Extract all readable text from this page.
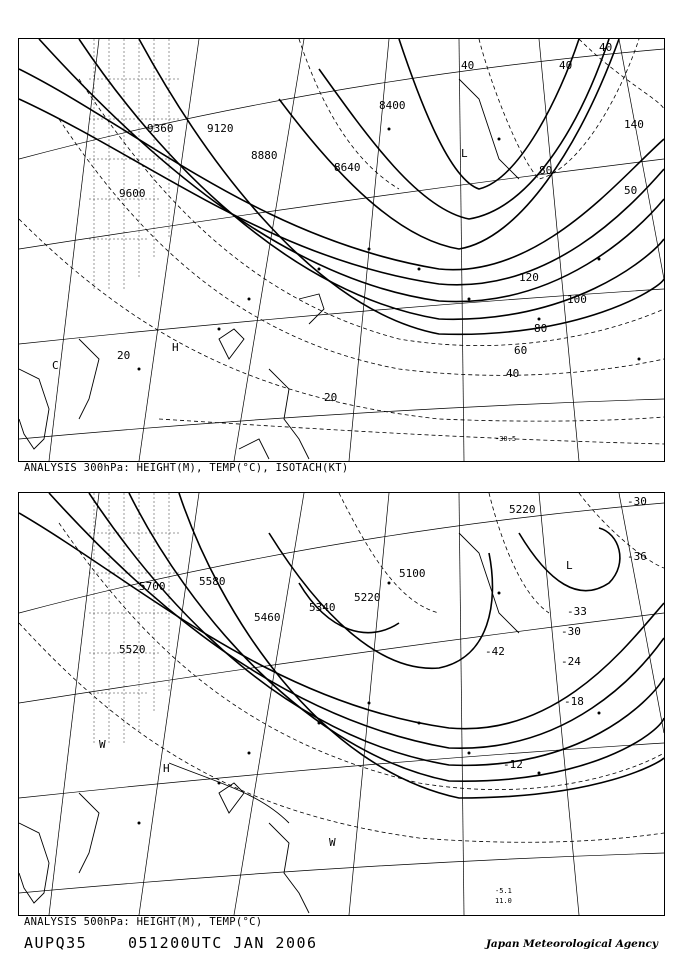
9360	9120
8880
8640
8400
9600
140
120
100
80
60
40
20
20
40	40
40
50
80
-30.5
H
C
L
ANALYSIS 300hPa: HEIGHT(M), TEMP(°C), ISOTACH(KT)
5700	5580
5520
5460
5340
5220
5100
5220
-30
-36
-33
-30
-24
-18
-12
-42
-5.1
11.0
L
H
W
W
ANALYSIS 500hPa: HEIGHT(M), TEMP(°C)
AUPQ35	051200UTC JAN 2006	Japan Meteorological Agency
